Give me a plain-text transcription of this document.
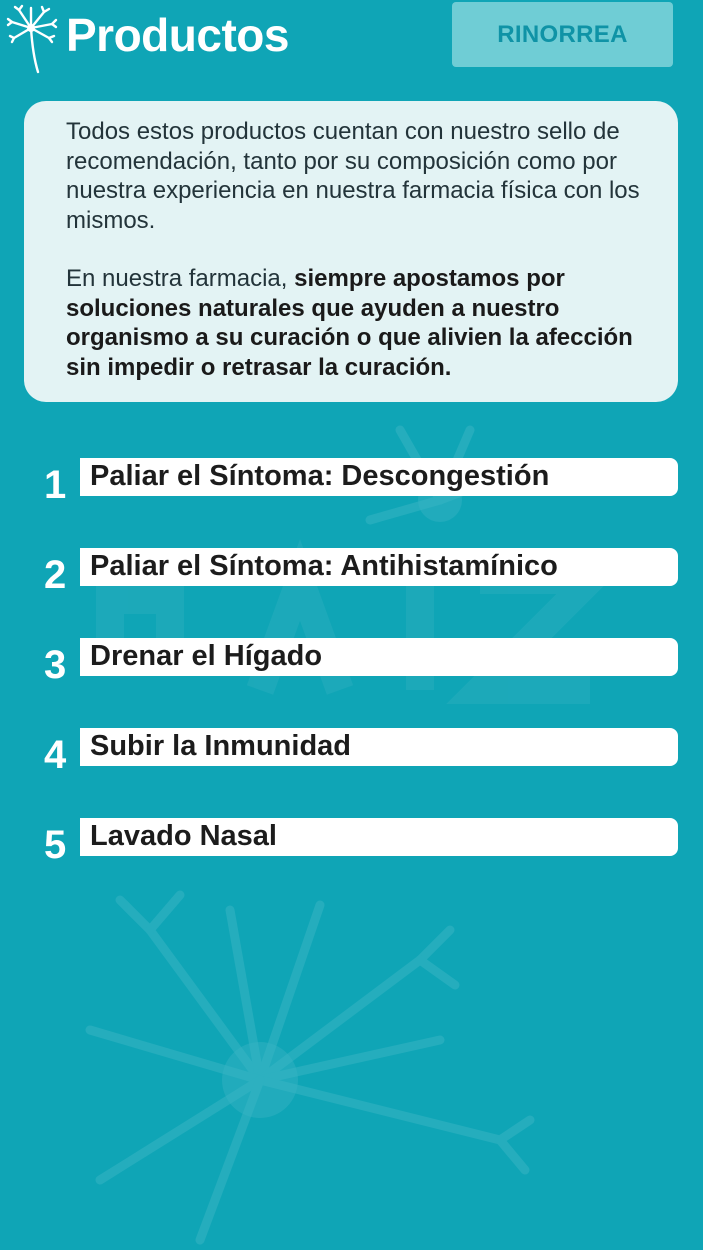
Productos	RINORREA

Todos estos productos cuentan con nuestro sello de recomendación, tanto por su composición como por nuestra experiencia en nuestra farmacia física con los mismos.

En nuestra farmacia, siempre apostamos por soluciones naturales que ayuden a nuestro organismo a su curación o que alivien la afección sin impedir o retrasar la curación.

1 Paliar el Síntoma: Descongestión
2 Paliar el Síntoma: Antihistamínico
3 Drenar el Hígado
4 Subir la Inmunidad
5 Lavado Nasal
